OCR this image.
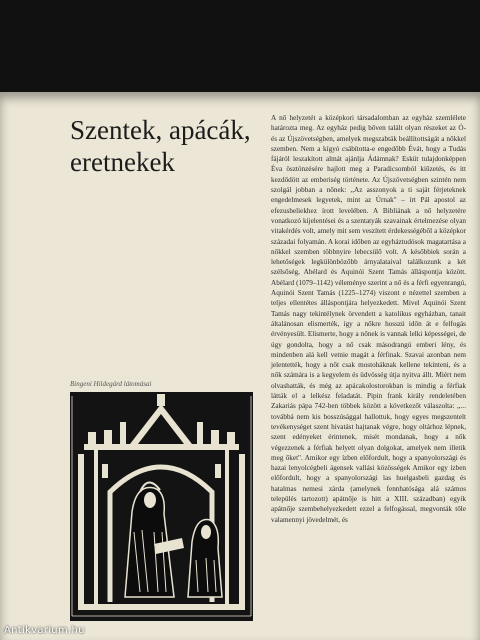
Szentek, apácák,
eretnekek

Bingeni Hildegárd látomásai

A nő helyzetét a középkori társadalomban az egyház szemlélete határozta meg. Az egyház pedig bőven talált olyan részeket az Ó- és az Újszövetségben, amelyek megszabták beállítottságát a nőkkel szemben. Nem a kígyó csábította-e engedőbb Évát, hogy a Tudás fájáról leszakított almát ajánlja Ádámnak? Esküt tulajdonképpen Éva ösztönzésére hajlott meg a Paradicsomból kiűzetés, és itt kezdődött az emberiség története. Az Újszövetségben szintén nem szolgál jobban a nőnek: ,,Az asszonyok a ti saját férjeteknek engedelmesek legyetek, mint az Úrnak" – írt Pál apostol az efezusbeliekhez írott levelében. A Bibliának a nő helyzetére vonatkozó kijelentései és a szentatyák szavainak értelmezése olyan vitakérdés volt, amely mit sem veszített érdekességéből a középkor századai folyamán. A korai időben az egyháztudósok magatartása a nőkkel szemben többnyire lebecsülő volt. A későbbiek során a lehetőségek legkülönbözőbb árnyalataival találkozunk a két szélsőség, Abélard és Aquinói Szent Tamás álláspontja között. Abélard (1079–1142) véleménye szerint a nő és a férfi egyenrangú, Aquinói Szent Tamás (1225–1274) viszont e nézettel szemben a teljes ellentétes álláspontjára helyezkedett. Mivel Aquinói Szent Tamás nagy tekintélynek örvendett a katolikus egyházban, tanait általánosan elismerték, így a nőkre hosszú időn át e felfogás érvényesült. Elismerte, hogy a nőnek is vannak lelki képességei, de úgy gondolta, hogy a nő csak másodrangú emberi lény, és mindenben alá kell vetnie magát a férfinak. Szavai azonban nem jelentették, hogy a nőt csak mostoháknak kellene tekinteni, és a nők számára is a kegyelem és üdvösség útja nyitva állt. Miért nem olvashatták, és még az apácakolostorokban is mindig a férfiak látták el a lelkész feladatát. Pipin frank király rendeletében Zakariás pápa 742-ben többek között a következőt válaszolta: ,,... továbbá nem kis bosszúsággal hallottuk, hogy egyes megszentelt tevékenységet szent hivatást hajtanak végre, hogy oltárhoz lépnek, szent edényeket érintenek, misét mondanak, hogy a nők végezzenek a férfiak helyett olyan dolgokat, amelyek nem illetik meg őket". Amikor egy ízben előfordult, hogy a spanyolországi és hazai lenyolcégbeli ágensek vallási közösségek Amikor egy ízben előfordult, hogy a spanyolországi las huelgasbeli gazdag és hatalmas nemesi zárda (amelynek fennhatósága alá számos település tartozott) apátnője is hitt a XIII. században) egyik apátnője szembehelyezkedett ezzel a felfogással, megvonták tőle valamennyi jövedelmét, és

Antikvarium.hu
